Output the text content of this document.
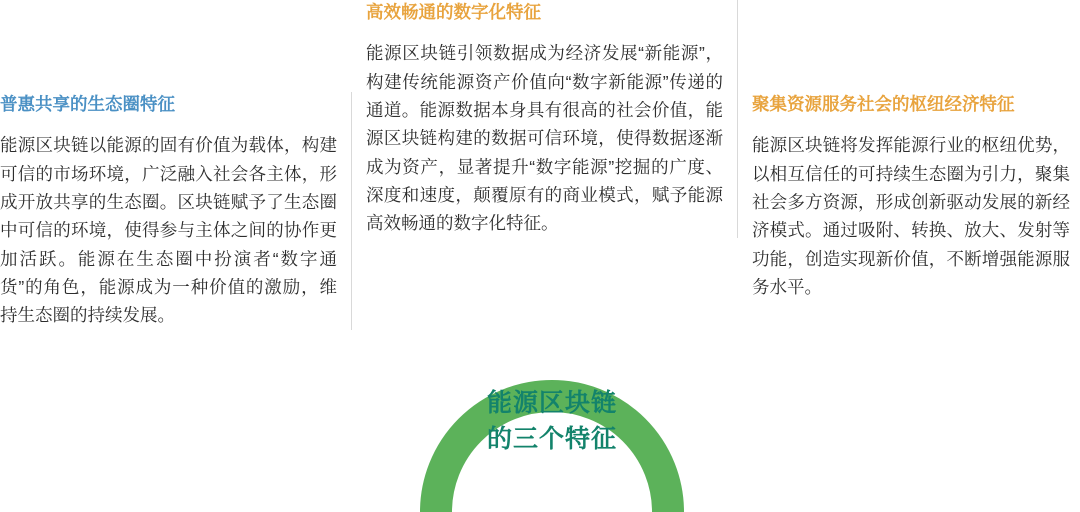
普惠共享的生态圈特征
能源区块链以能源的固有价值为载体，构建可信的市场环境，广泛融入社会各主体，形成开放共享的生态圈。区块链赋予了生态圈中可信的环境，使得参与主体之间的协作更加活跃。能源在生态圈中扮演者“数字通货”的角色，能源成为一种价值的激励，维持生态圈的持续发展。
高效畅通的数字化特征
能源区块链引领数据成为经济发展“新能源”，构建传统能源资产价值向“数字新能源”传递的通道。能源数据本身具有很高的社会价值，能源区块链构建的数据可信环境，使得数据逐渐成为资产，显著提升“数字能源”挖掘的广度、深度和速度，颠覆原有的商业模式，赋予能源高效畅通的数字化特征。
聚集资源服务社会的枢纽经济特征
能源区块链将发挥能源行业的枢纽优势，以相互信任的可持续生态圈为引力，聚集社会多方资源，形成创新驱动发展的新经济模式。通过吸附、转换、放大、发射等功能，创造实现新价值，不断增强能源服务水平。
能源区块链
的三个特征
